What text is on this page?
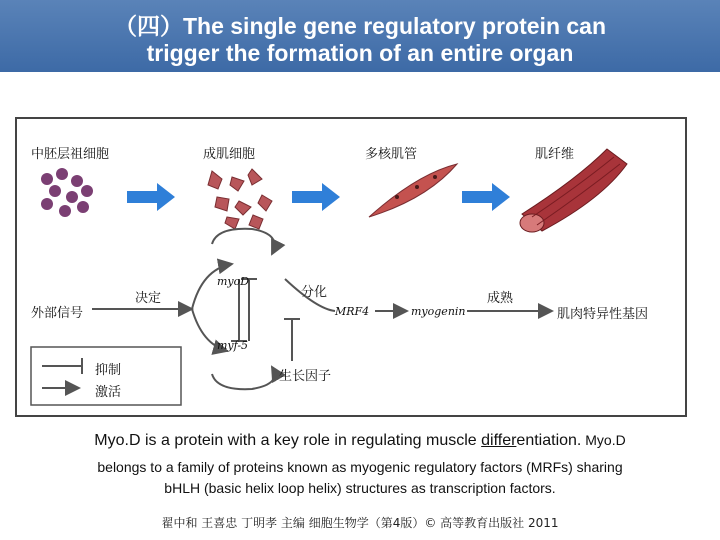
（四）The single gene regulatory protein can
trigger the formation of an entire organ
中胚层祖细胞	成肌细胞	多核肌管	肌纤维
外部信号
决定	分化	成熟
肌肉特异性基因
生长因子
myoD
myf-5
MRF4	myogenin
抑制
激活
Myo.D is a protein with a key role in regulating muscle differentiation. Myo.D
belongs to a family of proteins known as myogenic regulatory factors (MRFs) sharing
bHLH (basic helix loop helix) structures as transcription factors.
翟中和 王喜忠 丁明孝 主编 细胞生物学（第4版）© 高等教育出版社 2011
